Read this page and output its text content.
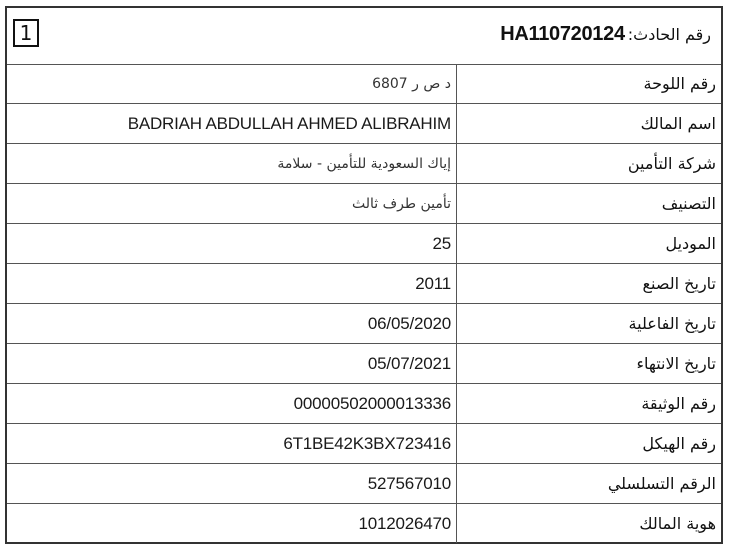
1	HA110720124 :رقم الحادث
د ص ر 6807	رقم اللوحة
BADRIAH ABDULLAH AHMED ALIBRAHIM	اسم المالك
إياك السعودية للتأمين - سلامة	شركة التأمين
تأمين طرف ثالث	التصنيف
25	الموديل
2011	تاريخ الصنع
06/05/2020	تاريخ الفاعلية
05/07/2021	تاريخ الانتهاء
00000502000013336	رقم الوثيقة
6T1BE42K3BX723416	رقم الهيكل
527567010	الرقم التسلسلي
1012026470	هوية المالك
